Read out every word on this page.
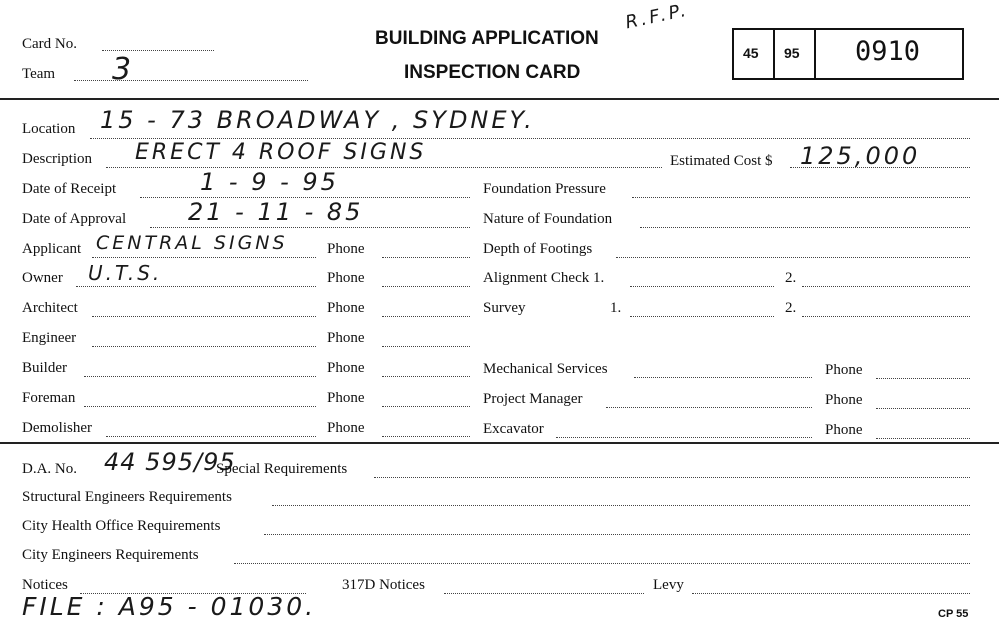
Card No.
Team 3
BUILDING APPLICATION
INSPECTION CARD
R.F.P.
45 95 0910
Location 15 - 73 BROADWAY , SYDNEY.
Description ERECT 4 ROOF SIGNS	Estimated Cost $ 125,000
Date of Receipt	1 - 9 - 95	Foundation Pressure
Date of Approval	21 - 11 - 85	Nature of Foundation
Applicant CENTRAL SIGNS	Phone	Depth of Footings
Owner U.T.S.	Phone	Alignment Check 1.	2.
Architect	Phone	Survey	1.	2.
Engineer	Phone
Builder	Phone	Mechanical Services	Phone
Foreman	Phone	Project Manager	Phone
Demolisher	Phone	Excavator	Phone
D.A. No. 44 595/95
Special Requirements
Structural Engineers Requirements
City Health Office Requirements
City Engineers Requirements
Notices	317D Notices	Levy
FILE : A95 - 01030.	CP 55
